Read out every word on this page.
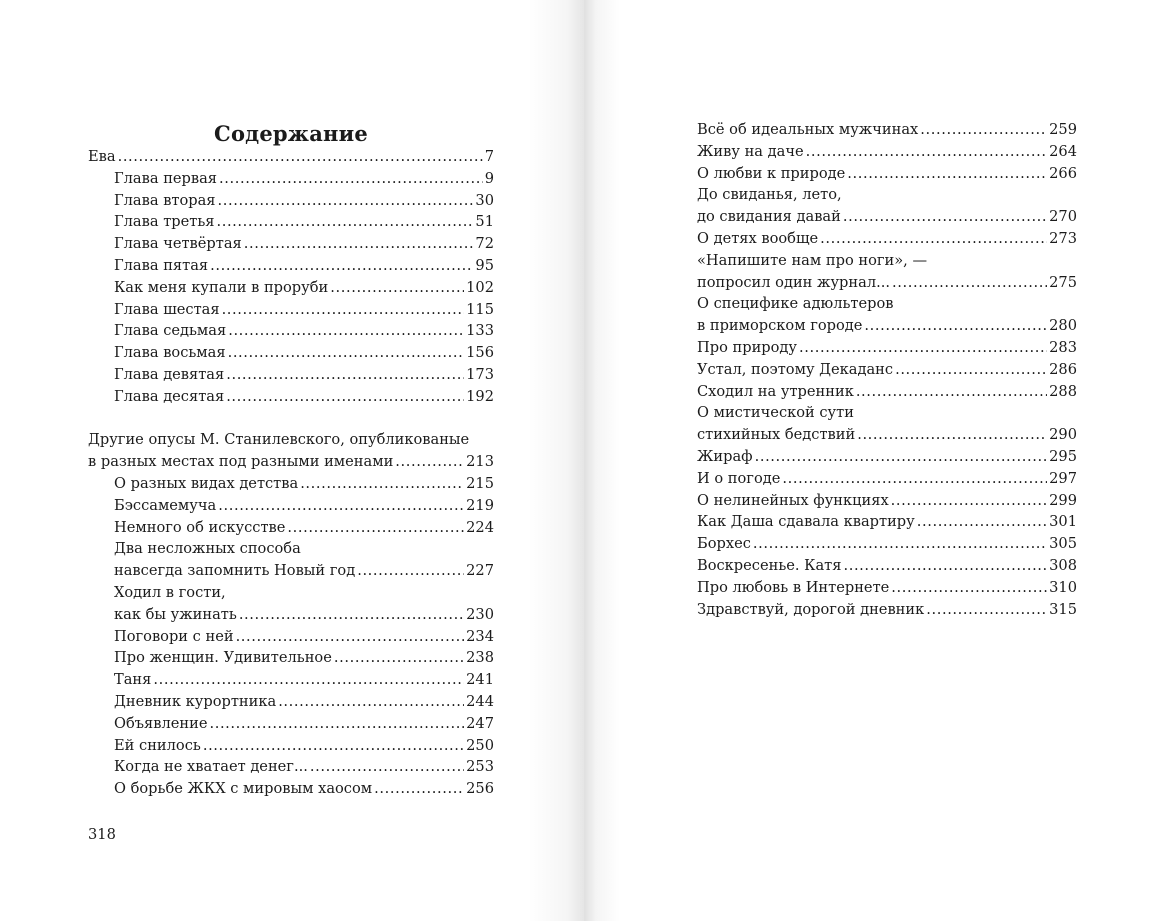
Содержание
Ева .....	7
Глава первая .....	9
Глава вторая .....	30
Глава третья .....	51
Глава четвёртая .....	72
Глава пятая .....	95
Как меня купали в проруби .....	102
Глава шестая .....	115
Глава седьмая .....	133
Глава восьмая .....	156
Глава девятая .....	173
Глава десятая .....	192
Другие опусы М. Станилевского, опубликованые
в разных местах под разными именами .....	213
О разных видах детства .....	215
Бэссамемуча .....	219
Немного об искусстве .....	224
Два несложных способа
навсегда запомнить Новый год .....	227
Ходил в гости,
как бы ужинать .....	230
Поговори с ней .....	234
Про женщин. Удивительное .....	238
Таня .....	241
Дневник курортника .....	244
Объявление .....	247
Ей снилось .....	250
Когда не хватает денег... .....	253
О борьбе ЖКХ с мировым хаосом .....	256
Всё об идеальных мужчинах .....	259
Живу на даче .....	264
О любви к природе .....	266
До свиданья, лето,
до свидания давай .....	270
О детях вообще .....	273
«Напишите нам про ноги», —
попросил один журнал... .....	275
О специфике адюльтеров
в приморском городе .....	280
Про природу .....	283
Устал, поэтому Декаданс .....	286
Сходил на утренник .....	288
О мистической сути
стихийных бедствий .....	290
Жираф .....	295
И о погоде .....	297
О нелинейных функциях .....	299
Как Даша сдавала квартиру .....	301
Борхес .....	305
Воскресенье. Катя .....	308
Про любовь в Интернете .....	310
Здравствуй, дорогой дневник .....	315
318
